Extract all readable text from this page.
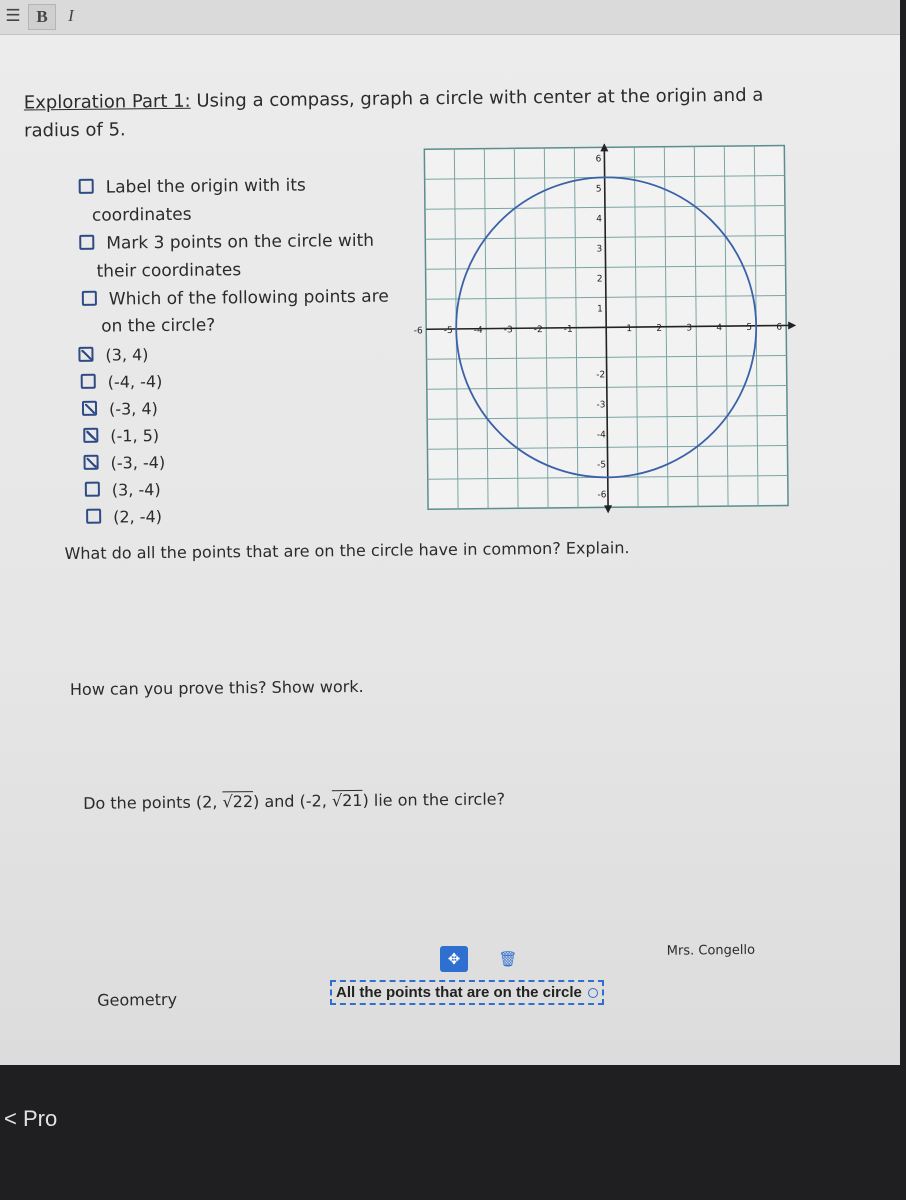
☰ B	I
Exploration Part 1: Using a compass, graph a circle with center at the origin and a
radius of 5.
Label the origin with its
coordinates
Mark 3 points on the circle with
their coordinates
Which of the following points are
on the circle?
(3, 4)
(-4, -4)
(-3, 4)
(-1, 5)
(-3, -4)
(3, -4)
(2, -4)
-6 -5 -4 -3 -2 -1	1	2	3	4	5	6
6
5
4
3
2
1
-2
-3
-4
-5
-6
What do all the points that are on the circle have in common? Explain.
How can you prove this? Show work.
Do the points (2, √22) and (-2, √21) lie on the circle?
Geometry
Mrs. Congello
✥	🗑
All the points that are on the circle
< Pro
